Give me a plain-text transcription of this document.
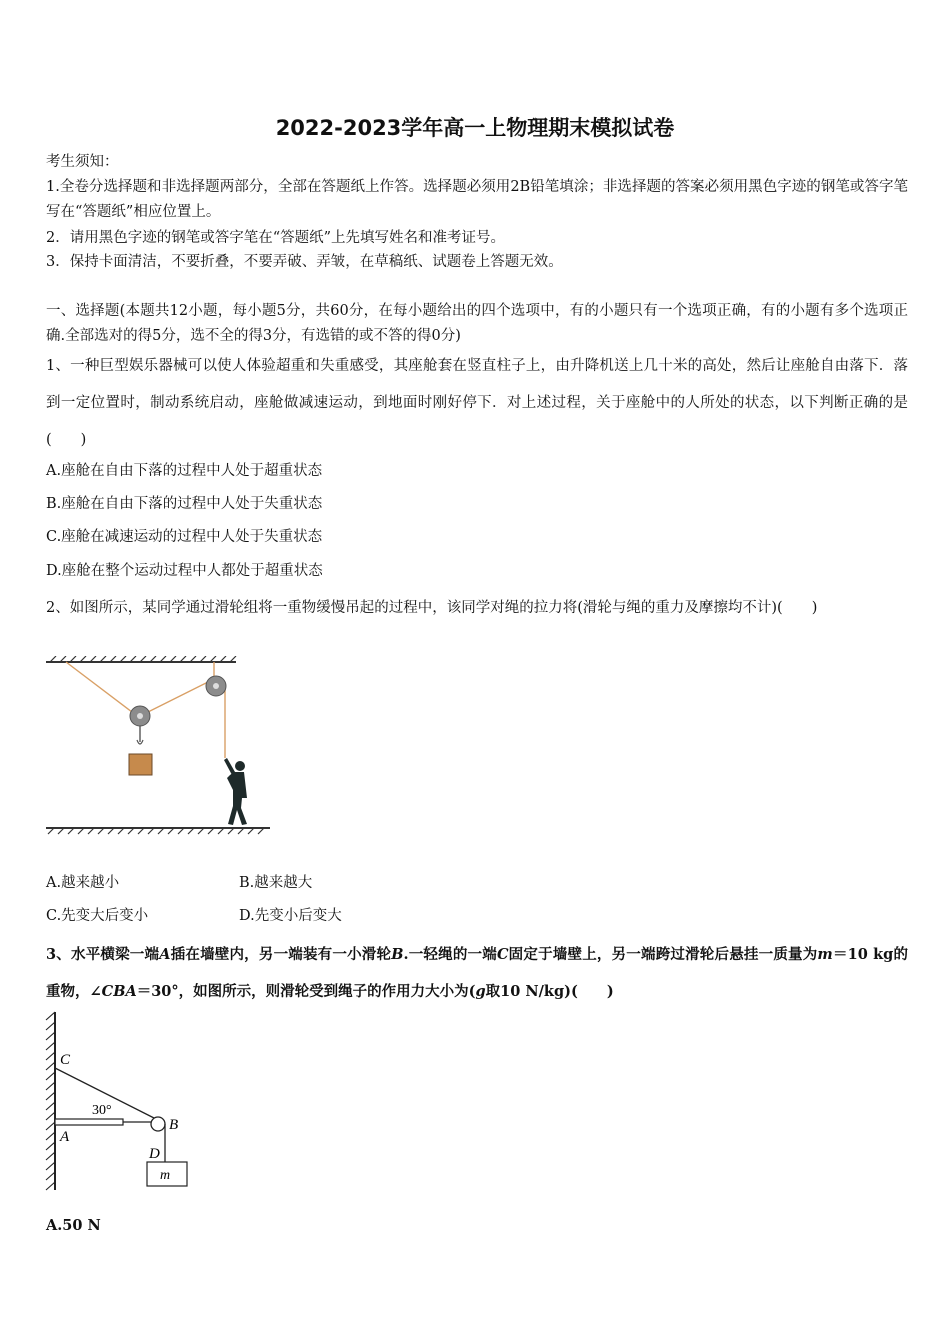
2022-2023学年高一上物理期末模拟试卷
考生须知：
1.全卷分选择题和非选择题两部分，全部在答题纸上作答。选择题必须用2B铅笔填涂；非选择题的答案必须用黑色字迹的钢笔或答字笔写在“答题纸”相应位置上。
2．请用黑色字迹的钢笔或答字笔在“答题纸”上先填写姓名和准考证号。
3．保持卡面清洁，不要折叠，不要弄破、弄皱，在草稿纸、试题卷上答题无效。
一、选择题(本题共12小题，每小题5分，共60分，在每小题给出的四个选项中，有的小题只有一个选项正确，有的小题有多个选项正确.全部选对的得5分，选不全的得3分，有选错的或不答的得0分)
1、一种巨型娱乐器械可以使人体验超重和失重感受，其座舱套在竖直柱子上，由升降机送上几十米的高处，然后让座舱自由落下．落到一定位置时，制动系统启动，座舱做减速运动，到地面时刚好停下．对上述过程，关于座舱中的人所处的状态，以下判断正确的是(　　)
A.座舱在自由下落的过程中人处于超重状态
B.座舱在自由下落的过程中人处于失重状态
C.座舱在减速运动的过程中人处于失重状态
D.座舱在整个运动过程中人都处于超重状态
2、如图所示，某同学通过滑轮组将一重物缓慢吊起的过程中，该同学对绳的拉力将(滑轮与绳的重力及摩擦均不计)(　　)
A.越来越小	B.越来越大
C.先变大后变小	D.先变小后变大
3、水平横梁一端A插在墙壁内，另一端装有一小滑轮B.一轻绳的一端C固定于墙壁上，另一端跨过滑轮后悬挂一质量为m＝10 kg的重物，∠CBA＝30°，如图所示，则滑轮受到绳子的作用力大小为(g取10 N/kg)(　　)
C
A
B
D
m
30°
A.50 N
